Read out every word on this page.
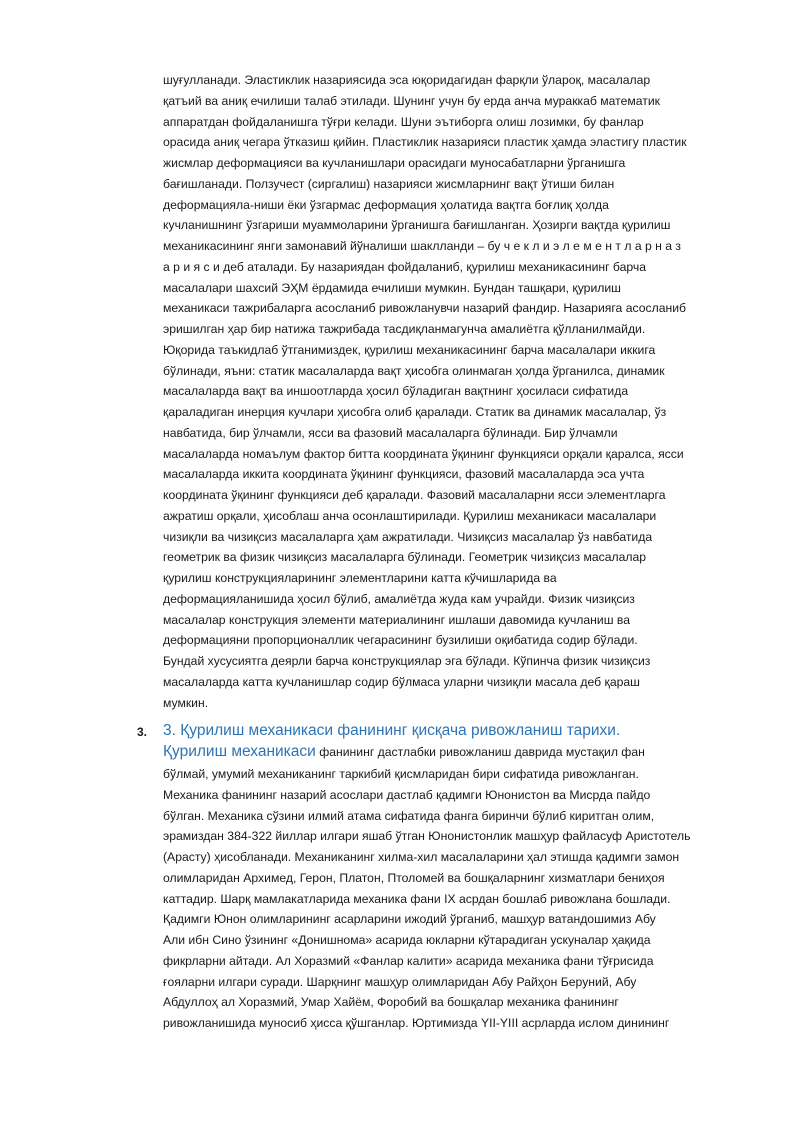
шуғулланади. Эластиклик назариясида эса юқоридагидан фарқли ўлароқ, масалалар
қатъий ва аниқ ечилиши талаб этилади. Шунинг учун бу ерда анча мураккаб математик
аппаратдан фойдаланишга тўғри келади. Шуни эътиборга олиш лозимки, бу фанлар
орасида аниқ чегара ўтказиш қийин. Пластиклик назарияси пластик ҳамда эластигу пластик
жисмлар деформацияси ва кучланишлари орасидаги муносабатларни ўрганишга
бағишланади. Ползучест (сиргалиш) назарияси жисмларнинг вақт ўтиши билан
деформацияла-ниши ёки ўзгармас деформация ҳолатида вақтга боғлиқ ҳолда
кучланишнинг ўзгариши муаммоларини ўрганишга бағишланган. Ҳозирги вақтда қурилиш
механикасининг янги замонавий йўналиши шаклланди – бу ч е к л и э л е м е н т л а р н а з
а р и я с и деб аталади. Бу назариядан фойдаланиб, қурилиш механикасининг барча
масалалари шахсий ЭҲМ ёрдамида ечилиши мумкин. Бундан ташқари, қурилиш
механикаси тажрибаларга асосланиб ривожланувчи назарий фандир. Назарияга асосланиб
эришилган ҳар бир натижа тажрибада тасдиқланмагунча амалиётга қўлланилмайди.
Юқорида таъкидлаб ўтганимиздек, қурилиш механикасининг барча масалалари иккига
бўлинади, яъни: статик масалаларда вақт ҳисобга олинмаган ҳолда ўрганилса, динамик
масалаларда вақт ва иншоотларда ҳосил бўладиган вақтнинг ҳосиласи сифатида
қараладиган инерция кучлари ҳисобга олиб қаралади. Статик ва динамик масалалар, ўз
навбатида, бир ўлчамли, ясси ва фазовий масалаларга бўлинади. Бир ўлчамли
масалаларда номаълум фактор битта координата ўқининг функцияси орқали қаралса, ясси
масалаларда иккита координата ўқининг функцияси, фазовий масалаларда эса учта
координата ўқининг функцияси деб қаралади. Фазовий масалаларни ясси элементларга
ажратиш орқали, ҳисоблаш анча осонлаштирилади. Қурилиш механикаси масалалари
чизиқли ва чизиқсиз масалаларга ҳам ажратилади. Чизиқсиз масалалар ўз навбатида
геометрик ва физик чизиқсиз масалаларга бўлинади. Геометрик чизиқсиз масалалар
қурилиш конструкцияларининг элементларини катта кўчишларида ва
деформацияланишида ҳосил бўлиб, амалиётда жуда кам учрайди. Физик чизиқсиз
масалалар конструкция элементи материалининг ишлаши давомида кучланиш ва
деформацияни пропорционаллик чегарасининг бузилиши оқибатида содир бўлади.
Бундай хусусиятга деярли барча конструкциялар эга бўлади. Кўпинча физик чизиқсиз
масалаларда катта кучланишлар содир бўлмаса уларни чизиқли масала деб қараш
мумкин.
3. 3. Қурилиш механикаси фанининг қисқача ривожланиш тарихи.
Қурилиш механикаси фанининг дастлабки ривожланиш даврида мустақил фан
бўлмай, умумий механиканинг таркибий қисмларидан бири сифатида ривожланган.
Механика фанининг назарий асослари дастлаб қадимги Юнонистон ва Мисрда пайдо
бўлган. Механика сўзини илмий атама сифатида фанга биринчи бўлиб киритган олим,
эрамиздан 384-322 йиллар илгари яшаб ўтган Юнонистонлик машҳур файласуф Аристотель
(Арасту) ҳисобланади. Механиканинг хилма-хил масалаларини ҳал этишда қадимги замон
олимларидан Архимед, Герон, Платон, Птоломей ва бошқаларнинг хизматлари бениҳоя
каттадир. Шарқ мамлакатларида механика фани IX асрдан бошлаб ривожлана бошлади.
Қадимги Юнон олимларининг асарларини ижодий ўрганиб, машҳур ватандошимиз Абу
Али ибн Сино ўзининг «Донишнома» асарида юкларни кўтарадиган ускуналар ҳақида
фикрларни айтади. Ал Хоразмий «Фанлар калити» асарида механика фани тўғрисида
ғояларни илгари суради. Шарқнинг машҳур олимларидан Абу Райҳон Беруний, Абу
Абдуллоҳ ал Хоразмий, Умар Хайём, Форобий ва бошқалар механика фанининг
ривожланишида муносиб ҳисса қўшганлар. Юртимизда YII-YIII асрларда ислом динининг
